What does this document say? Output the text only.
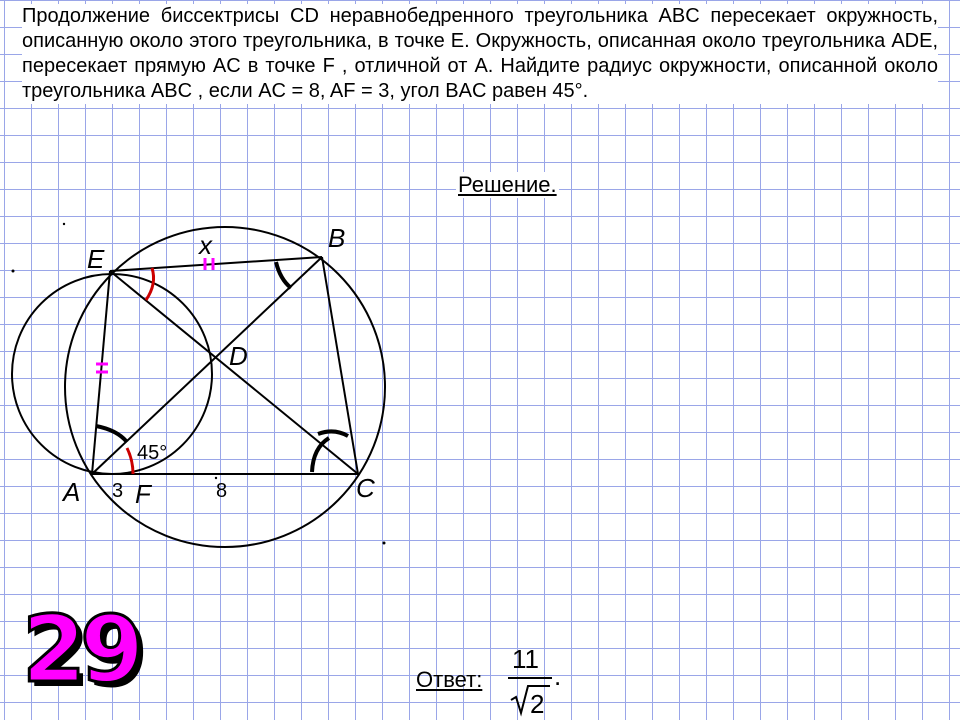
Продолжение биссектрисы CD неравнобедренного треугольника ABC пересекает окружность, описанную около этого треугольника, в точке E. Окружность, описанная около треугольника ADE, пересекает прямую AC в точке F , отличной от A. Найдите радиус окружности, описанной около треугольника ABC , если AC = 8, AF = 3, угол BAC равен 45°.
Решение.
A
B
C
D
E
F
x
3	8
45°
11
2
.
29	Ответ:
